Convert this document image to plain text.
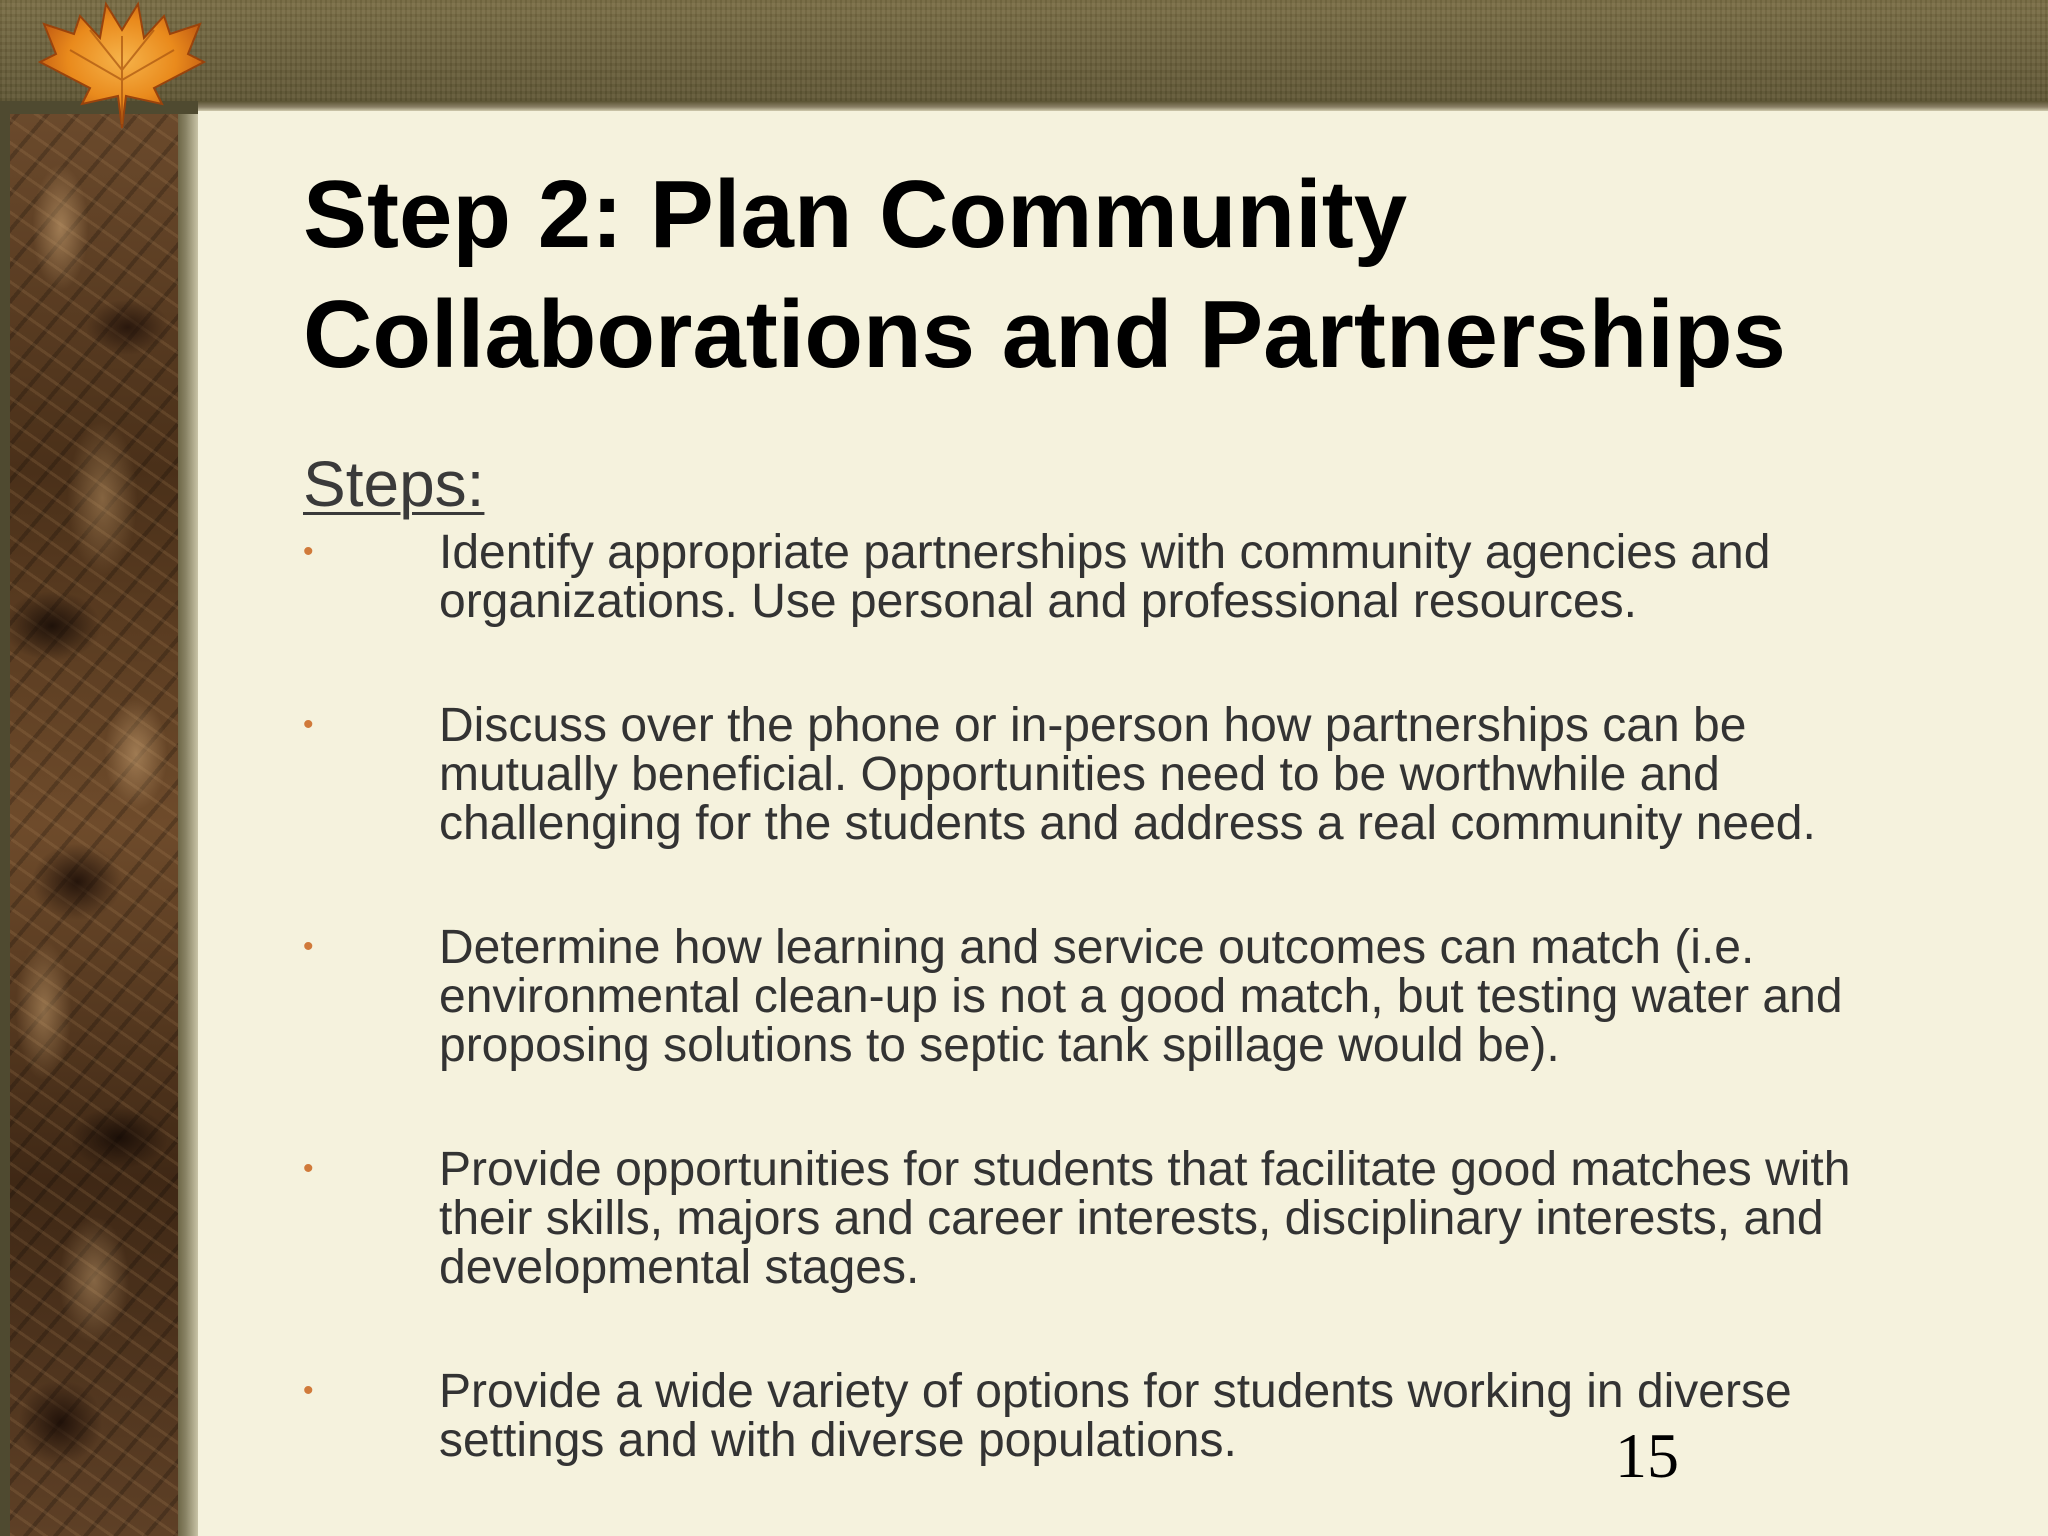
Step 2: Plan Community
Collaborations and Partnerships
Steps:
•	Identify appropriate partnerships with community agencies and
organizations. Use personal and professional resources.
•	Discuss over the phone or in-person how partnerships can be
mutually beneficial. Opportunities need to be worthwhile and
challenging for the students and address a real community need.
•	Determine how learning and service outcomes can match (i.e.
environmental clean-up is not a good match, but testing water and
proposing solutions to septic tank spillage would be).
•	Provide opportunities for students that facilitate good matches with
their skills, majors and career interests, disciplinary interests, and
developmental stages.
•	Provide a wide variety of options for students working in diverse
settings and with diverse populations.	15
